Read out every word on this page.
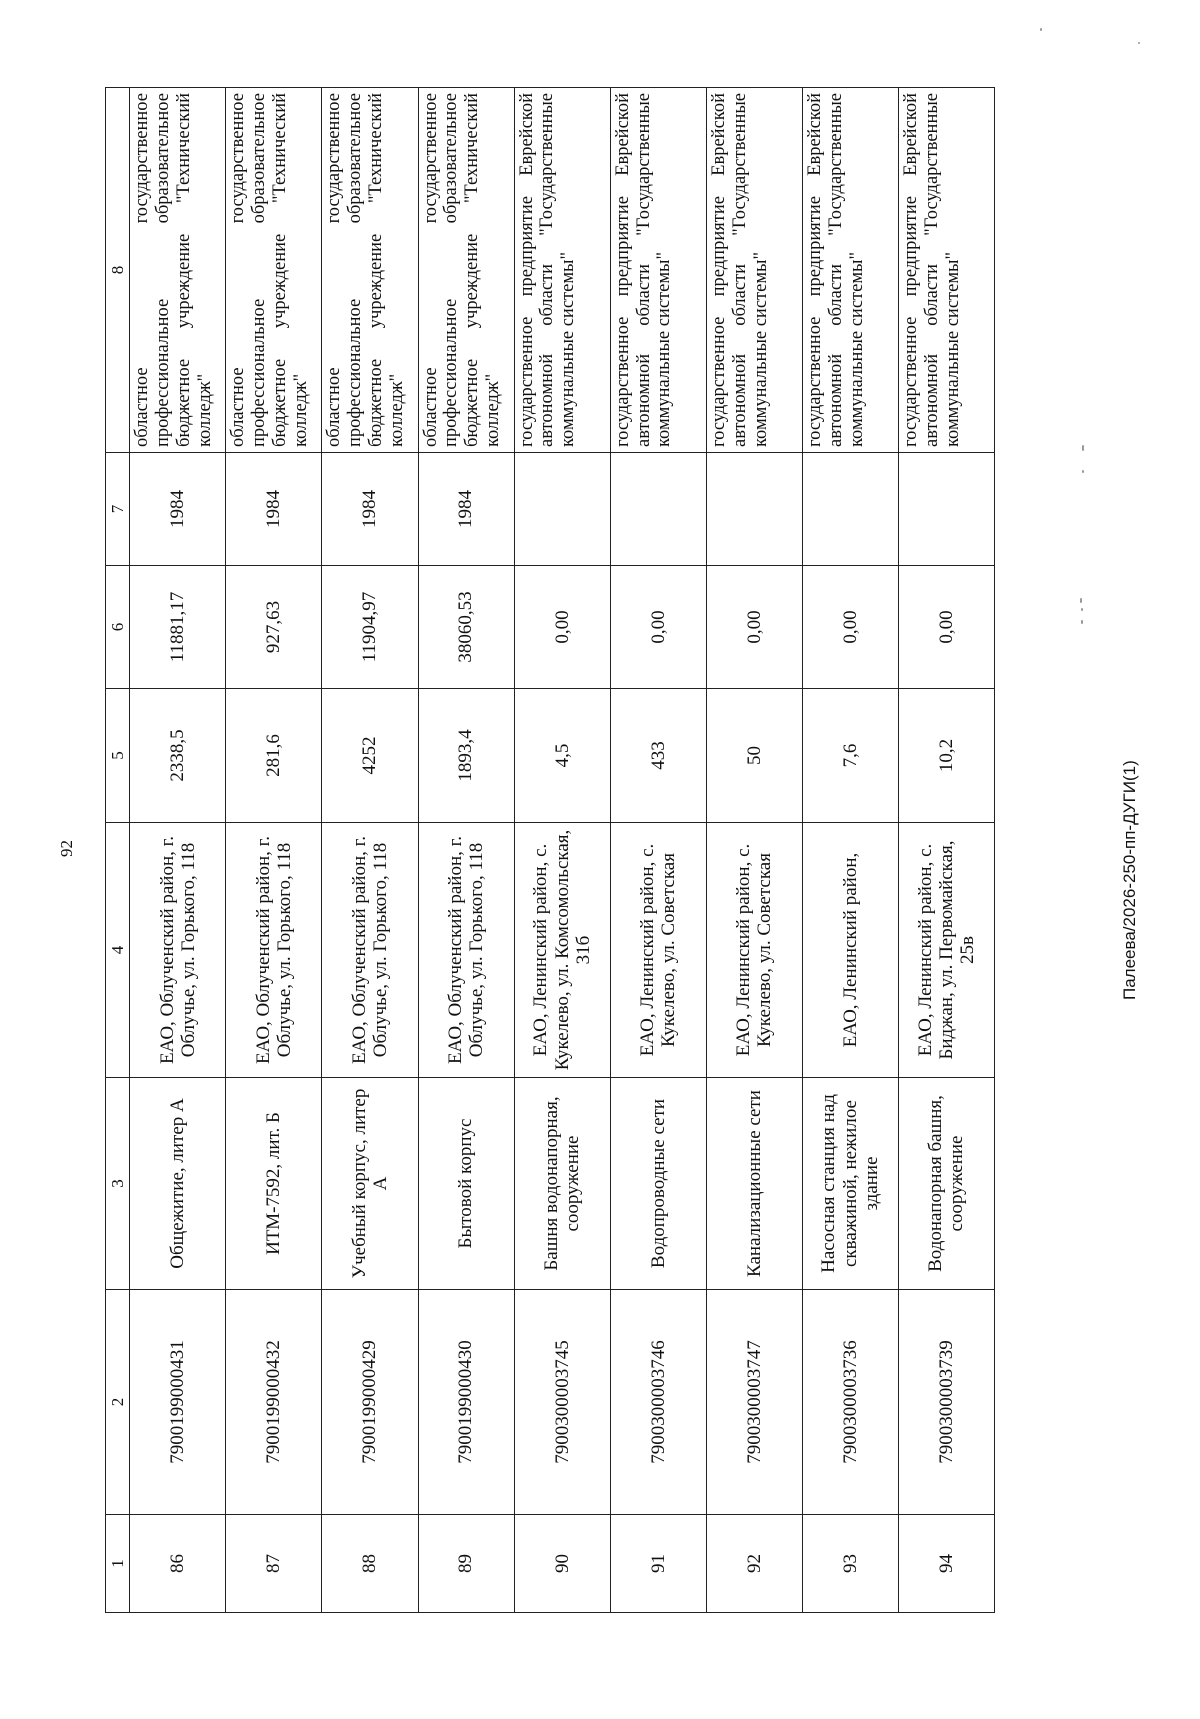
92
1	2	3	4	5	6	7	8
86	7900199000431	Общежитие, литер А	ЕАО, Облученский район, г. Облучье, ул. Горького, 118	2338,5	11881,17	1984	областное государственное профессиональное образовательное бюджетное учреждение "Технический колледж"
87	7900199000432	ИТМ-7592, лит. Б	ЕАО, Облученский район, г. Облучье, ул. Горького, 118	281,6	927,63	1984	областное государственное профессиональное образовательное бюджетное учреждение "Технический колледж"
88	7900199000429	Учебный корпус, литер А	ЕАО, Облученский район, г. Облучье, ул. Горького, 118	4252	11904,97	1984	областное государственное профессиональное образовательное бюджетное учреждение "Технический колледж"
89	7900199000430	Бытовой корпус	ЕАО, Облученский район, г. Облучье, ул. Горького, 118	1893,4	38060,53	1984	областное государственное профессиональное образовательное бюджетное учреждение "Технический колледж"
90	7900300003745	Башня водонапорная, сооружение	ЕАО, Ленинский район, с. Кукелево, ул. Комсомольская, 31б	4,5	0,00		государственное предприятие Еврейской автономной области "Государственные коммунальные системы"
91	7900300003746	Водопроводные сети	ЕАО, Ленинский район, с. Кукелево, ул. Советская	433	0,00		государственное предприятие Еврейской автономной области "Государственные коммунальные системы"
92	7900300003747	Канализационные сети	ЕАО, Ленинский район, с. Кукелево, ул. Советская	50	0,00		государственное предприятие Еврейской автономной области "Государственные коммунальные системы"
93	7900300003736	Насосная станция над скважиной, нежилое здание	ЕАО, Ленинский район,	7,6	0,00		государственное предприятие Еврейской автономной области "Государственные коммунальные системы"
94	7900300003739	Водонапорная башня, сооружение	ЕАО, Ленинский район, с. Биджан, ул. Первомайская, 25в	10,2	0,00		государственное предприятие Еврейской автономной области "Государственные коммунальные системы"
Палеева/2026-250-пп-ДУГИ(1)
